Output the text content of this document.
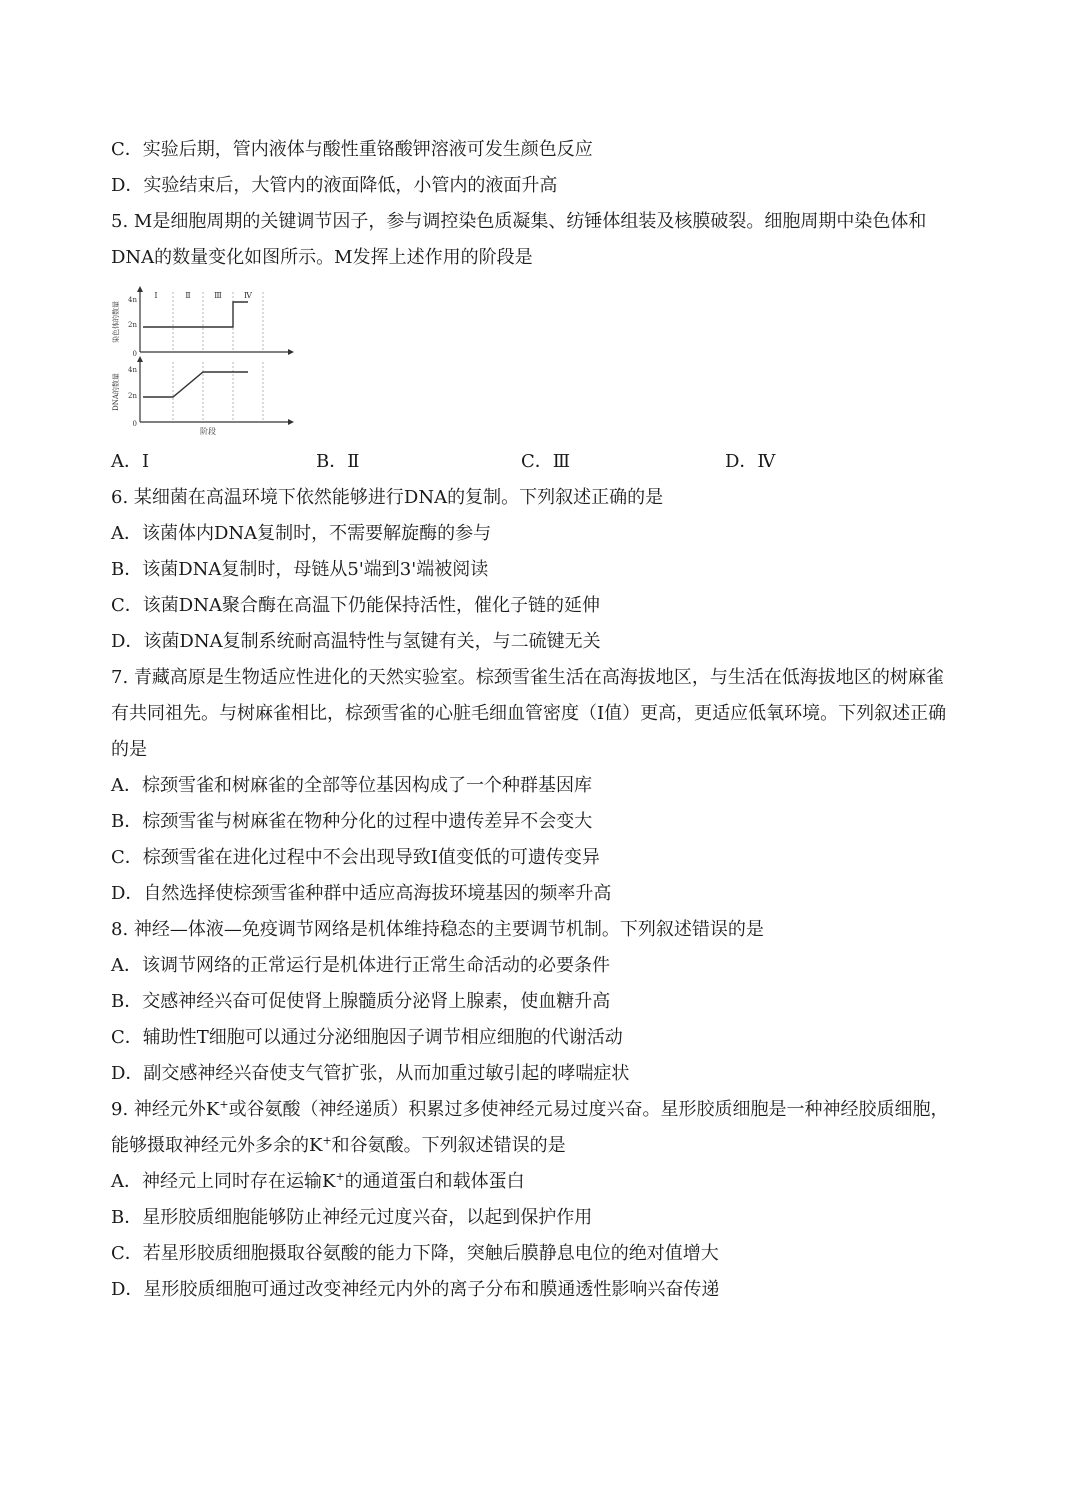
C．实验后期，管内液体与酸性重铬酸钾溶液可发生颜色反应
D．实验结束后，大管内的液面降低，小管内的液面升高
5. M是细胞周期的关键调节因子，参与调控染色质凝集、纺锤体组装及核膜破裂。细胞周期中染色体和
DNA的数量变化如图所示。M发挥上述作用的阶段是
Ⅰ	Ⅱ	Ⅲ	Ⅳ
4n
2n
0
染色体的数量
4n
2n
0
DNA的数量
阶段
A．Ⅰ	B．Ⅱ	C．Ⅲ	D．Ⅳ
6. 某细菌在高温环境下依然能够进行DNA的复制。下列叙述正确的是
A．该菌体内DNA复制时，不需要解旋酶的参与
B．该菌DNA复制时，母链从5'端到3'端被阅读
C．该菌DNA聚合酶在高温下仍能保持活性，催化子链的延伸
D．该菌DNA复制系统耐高温特性与氢键有关，与二硫键无关
7. 青藏高原是生物适应性进化的天然实验室。棕颈雪雀生活在高海拔地区，与生活在低海拔地区的树麻雀
有共同祖先。与树麻雀相比，棕颈雪雀的心脏毛细血管密度（I值）更高，更适应低氧环境。下列叙述正确
的是
A．棕颈雪雀和树麻雀的全部等位基因构成了一个种群基因库
B．棕颈雪雀与树麻雀在物种分化的过程中遗传差异不会变大
C．棕颈雪雀在进化过程中不会出现导致I值变低的可遗传变异
D．自然选择使棕颈雪雀种群中适应高海拔环境基因的频率升高
8. 神经—体液—免疫调节网络是机体维持稳态的主要调节机制。下列叙述错误的是
A．该调节网络的正常运行是机体进行正常生命活动的必要条件
B．交感神经兴奋可促使肾上腺髓质分泌肾上腺素，使血糖升高
C．辅助性T细胞可以通过分泌细胞因子调节相应细胞的代谢活动
D．副交感神经兴奋使支气管扩张，从而加重过敏引起的哮喘症状
9. 神经元外K+或谷氨酸（神经递质）积累过多使神经元易过度兴奋。星形胶质细胞是一种神经胶质细胞，
能够摄取神经元外多余的K+和谷氨酸。下列叙述错误的是
A．神经元上同时存在运输K+的通道蛋白和载体蛋白
B．星形胶质细胞能够防止神经元过度兴奋，以起到保护作用
C．若星形胶质细胞摄取谷氨酸的能力下降，突触后膜静息电位的绝对值增大
D．星形胶质细胞可通过改变神经元内外的离子分布和膜通透性影响兴奋传递
